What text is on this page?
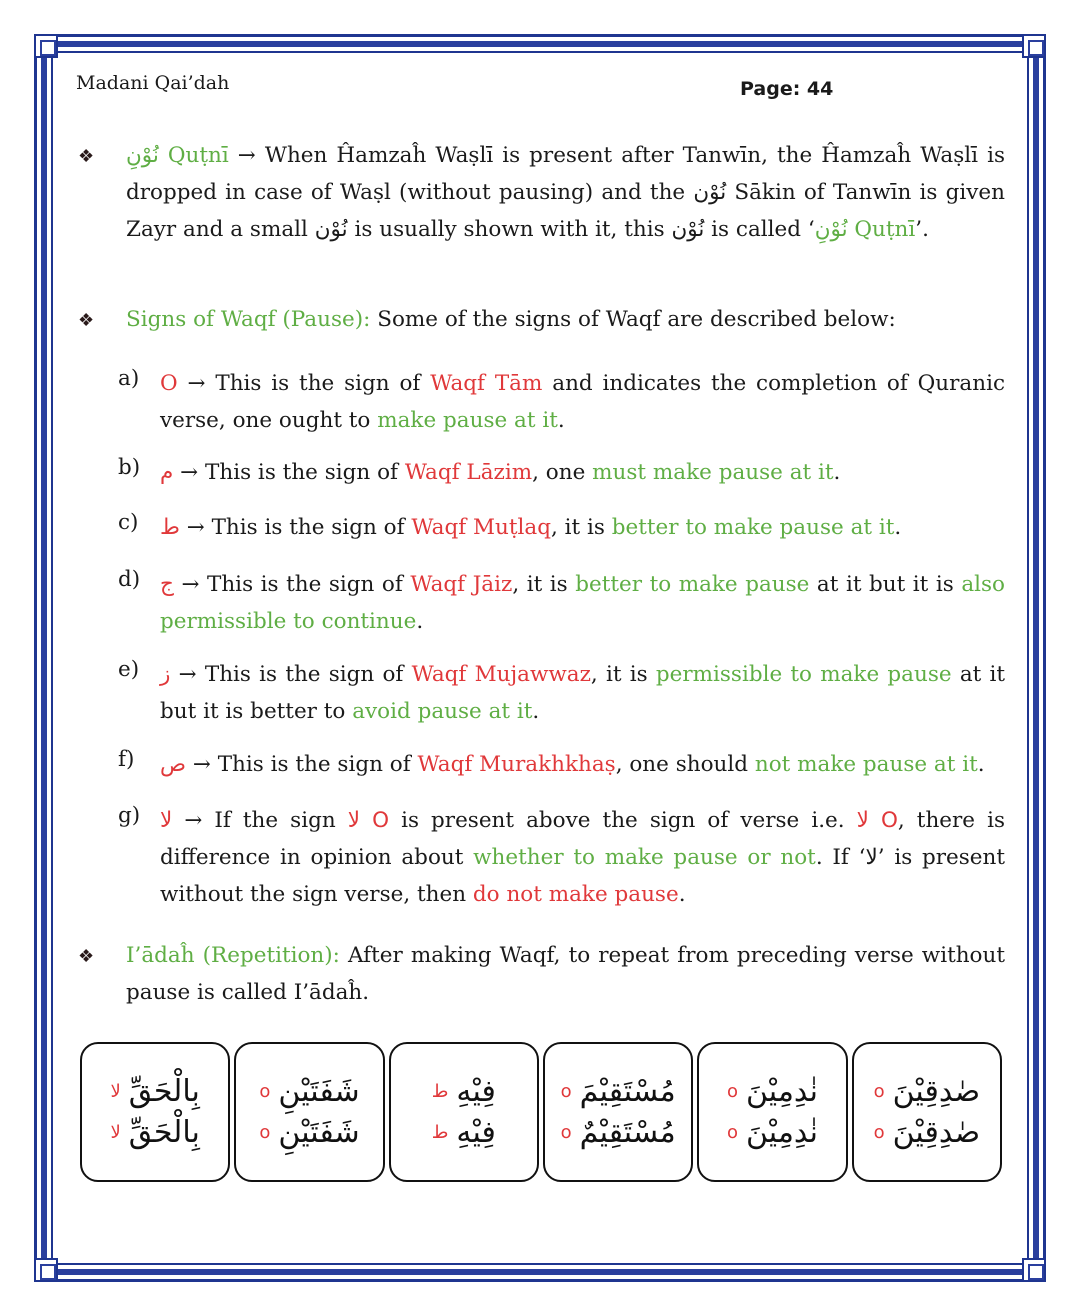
Madani Qai’dah	Page: 44
❖ نُوْنِ Quṭnī → When Ĥamzaĥ Waṣlī is present after Tanwīn, the Ĥamzaĥ Waṣlī is dropped in case of Waṣl (without pausing) and the نُوْن Sākin of Tanwīn is given Zayr and a small نُوْن is usually shown with it, this نُوْن is called ‘نُوْنِ Quṭnī’.
❖ Signs of Waqf (Pause): Some of the signs of Waqf are described below:
a) O → This is the sign of Waqf Tām and indicates the completion of Quranic verse, one ought to make pause at it.
b) م → This is the sign of Waqf Lāzim, one must make pause at it.
c) ط → This is the sign of Waqf Muṭlaq, it is better to make pause at it.
d) ج → This is the sign of Waqf Jāiz, it is better to make pause at it but it is also permissible to continue.
e) ز → This is the sign of Waqf Mujawwaz, it is permissible to make pause at it but it is better to avoid pause at it.
f) ص → This is the sign of Waqf Murakhkhaṣ, one should not make pause at it.
g) لا → If the sign لا O is present above the sign of verse i.e. لا O, there is difference in opinion about whether to make pause or not. If ‘لا’ is present without the sign verse, then do not make pause.
❖ I’ādaĥ (Repetition): After making Waqf, to repeat from preceding verse without pause is called I’ādaĥ.
بِالْحَقِّ
لا
بِالْحَقِّ
لا
شَفَتَيْنِ
o
شَفَتَيْنِ
o
فِيْهِ
ط
فِيْهِ
ط
مُسْتَقِيْمَ
o
مُسْتَقِيْمٌ
o
نٰدِمِيْنَ
o
نٰدِمِيْنَ
o
صٰدِقِيْنَ
o
صٰدِقِيْنَ
o
